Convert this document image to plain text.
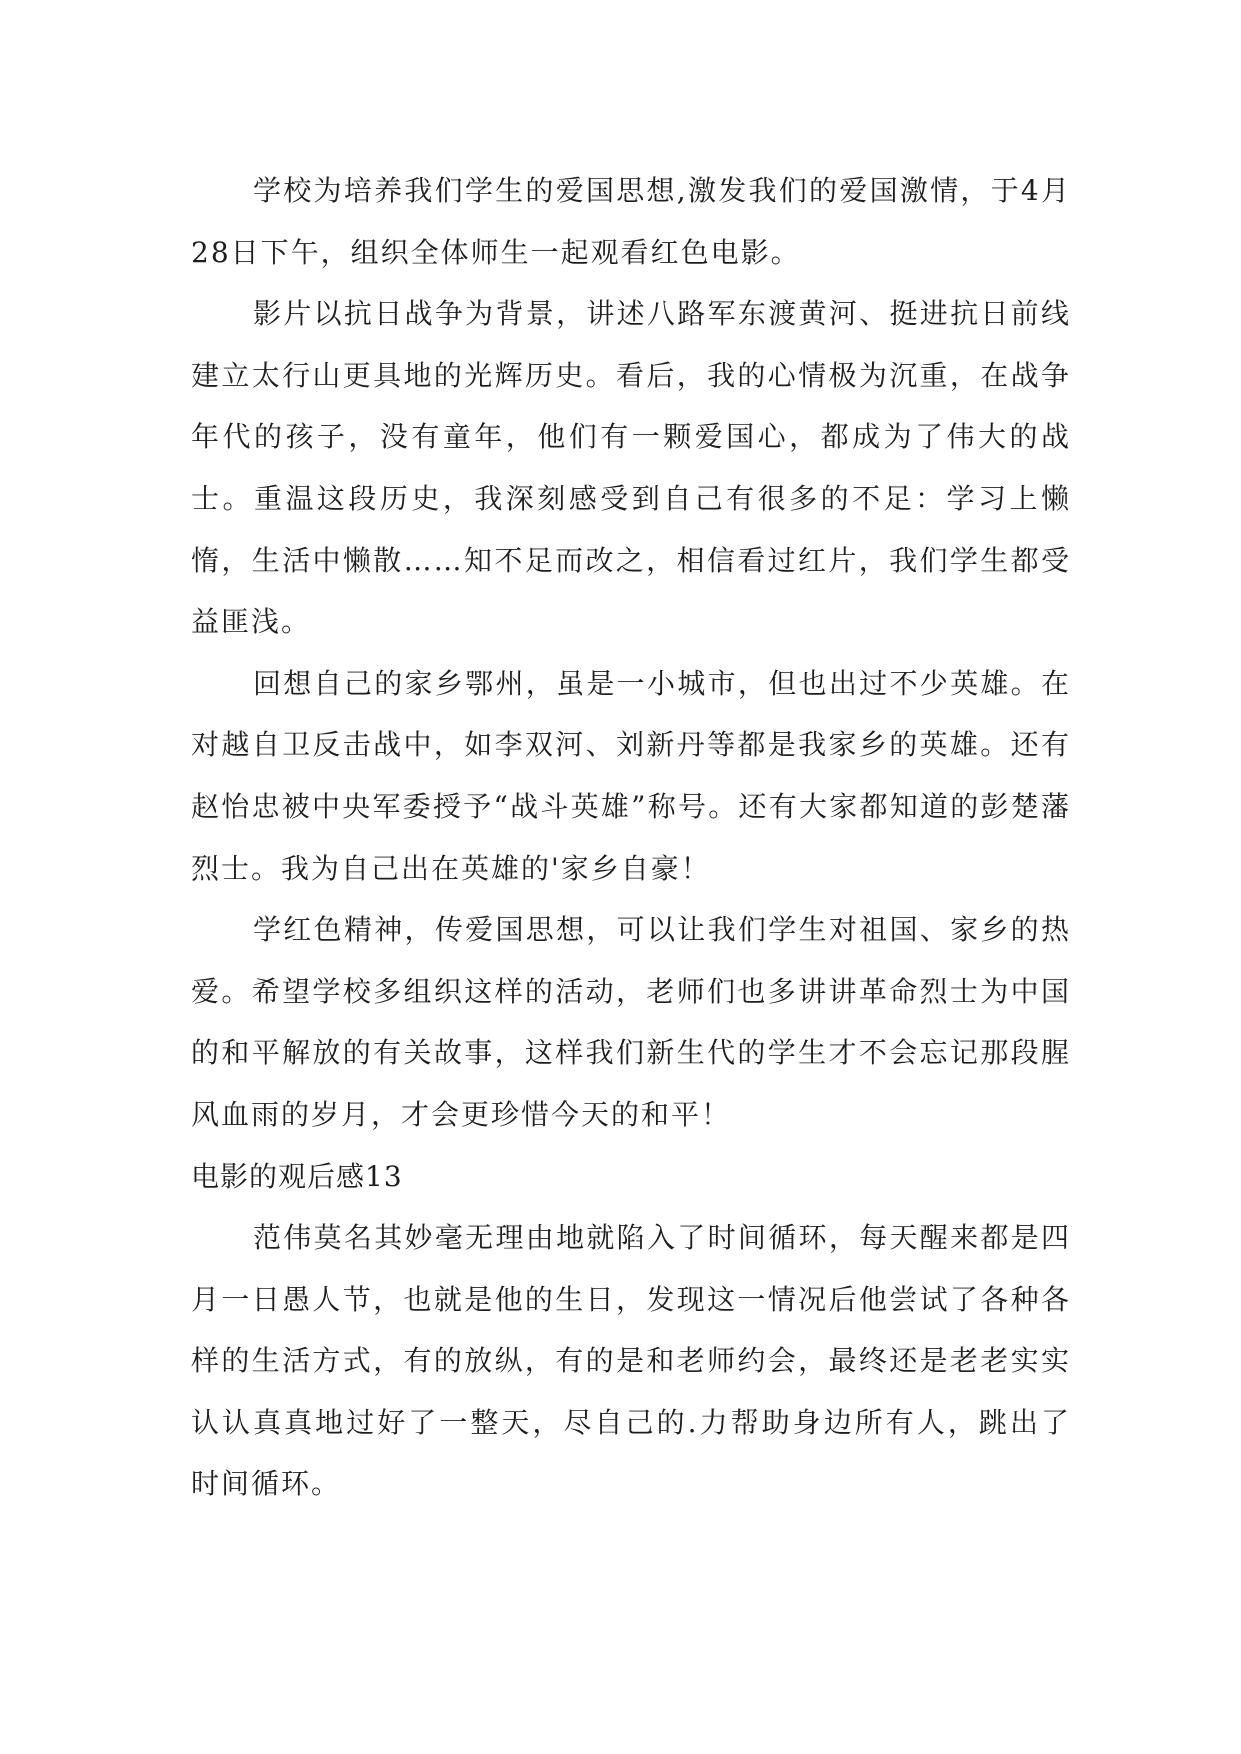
学校为培养我们学生的爱国思想,激发我们的爱国激情，于4月28日下午，组织全体师生一起观看红色电影。

影片以抗日战争为背景，讲述八路军东渡黄河、挺进抗日前线建立太行山更具地的光辉历史。看后，我的心情极为沉重，在战争年代的孩子，没有童年，他们有一颗爱国心，都成为了伟大的战士。重温这段历史，我深刻感受到自己有很多的不足：学习上懒惰，生活中懒散……知不足而改之，相信看过红片，我们学生都受益匪浅。

回想自己的家乡鄂州，虽是一小城市，但也出过不少英雄。在对越自卫反击战中，如李双河、刘新丹等都是我家乡的英雄。还有赵怡忠被中央军委授予“战斗英雄”称号。还有大家都知道的彭楚藩烈士。我为自己出在英雄的'家乡自豪！

学红色精神，传爱国思想，可以让我们学生对祖国、家乡的热爱。希望学校多组织这样的活动，老师们也多讲讲革命烈士为中国的和平解放的有关故事，这样我们新生代的学生才不会忘记那段腥风血雨的岁月，才会更珍惜今天的和平！

电影的观后感13

范伟莫名其妙毫无理由地就陷入了时间循环，每天醒来都是四月一日愚人节，也就是他的生日，发现这一情况后他尝试了各种各样的生活方式，有的放纵，有的是和老师约会，最终还是老老实实认认真真地过好了一整天，尽自己的.力帮助身边所有人，跳出了时间循环。
